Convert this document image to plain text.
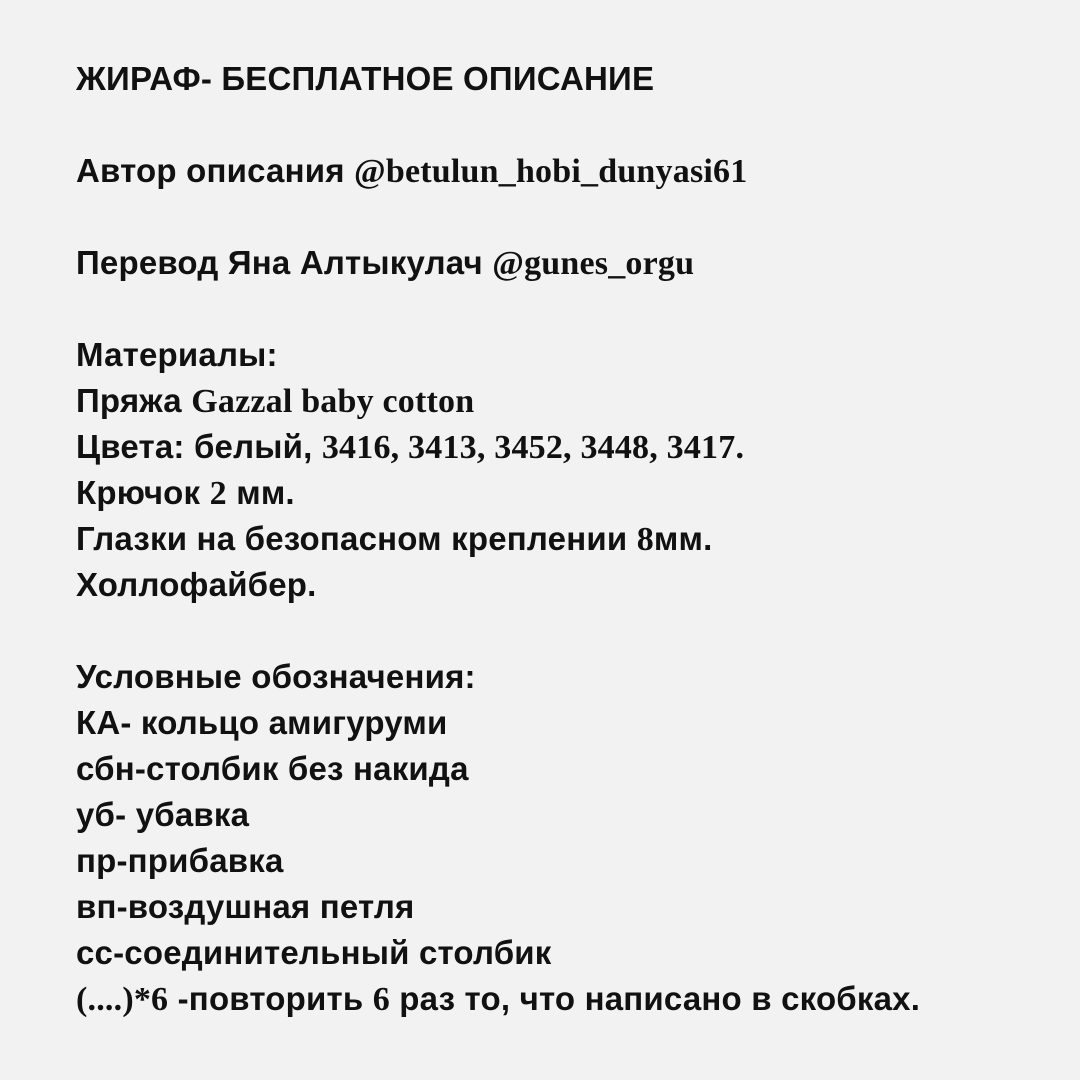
ЖИРАФ- БЕСПЛАТНОЕ ОПИСАНИЕ
Автор описания @betulun_hobi_dunyasi61
Перевод Яна Алтыкулач @gunes_orgu
Материалы:
Пряжа Gazzal baby cotton
Цвета: белый, 3416, 3413, 3452, 3448, 3417.
Крючок 2 мм.
Глазки на безопасном креплении 8мм.
Холлофайбер.
Условные обозначения:
КА- кольцо амигуруми
сбн-столбик без накида
уб- убавка
пр-прибавка
вп-воздушная петля
сс-соединительный столбик
(....)*6 -повторить 6 раз то, что написано в скобках.
